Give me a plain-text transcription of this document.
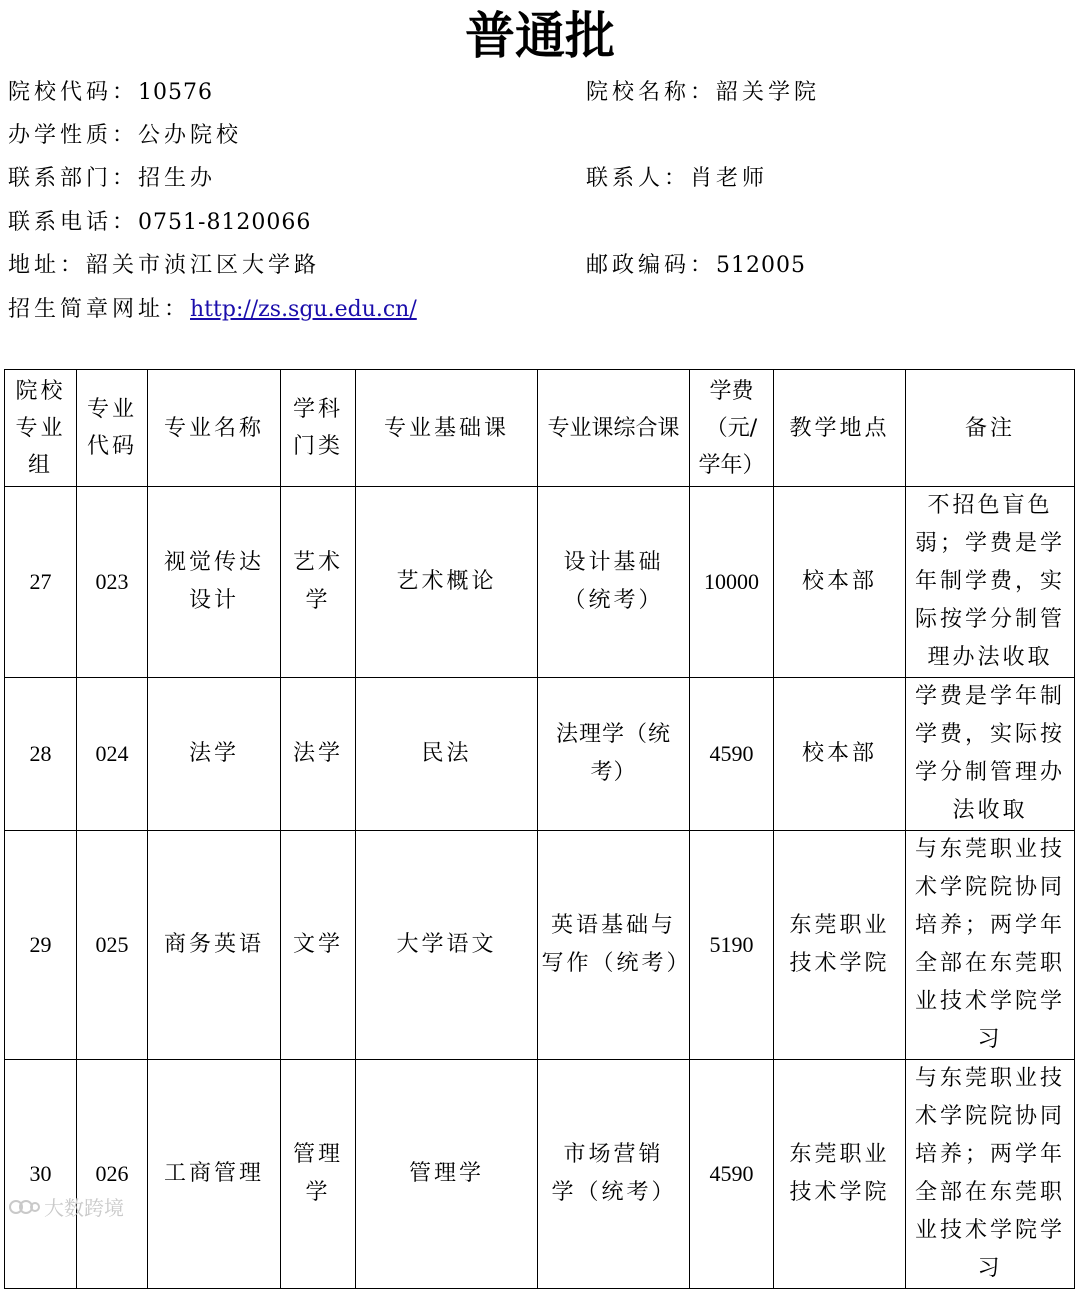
普通批
院校代码：10576	院校名称：韶关学院
办学性质：公办院校
联系部门：招生办	联系人：肖老师
联系电话：0751-8120066
地址：韶关市浈江区大学路	邮政编码：512005
招生简章网址：http://zs.sgu.edu.cn/
院校专业组	专业代码	专业名称	学科门类	专业基础课	专业课综合课	学费（元/学年）	教学地点	备注
27	023	视觉传达设计	艺术学	艺术概论	设计基础（统考）	10000	校本部	不招色盲色弱；学费是学年制学费，实际按学分制管理办法收取
28	024	法学	法学	民法	法理学（统考）	4590	校本部	学费是学年制学费，实际按学分制管理办法收取
29	025	商务英语	文学	大学语文	英语基础与写作（统考）	5190	东莞职业技术学院	与东莞职业技术学院院协同培养；两学年全部在东莞职业技术学院学习
30	026	工商管理	管理学	管理学	市场营销学（统考）	4590	东莞职业技术学院	与东莞职业技术学院院协同培养；两学年全部在东莞职业技术学院学习
大数跨境
